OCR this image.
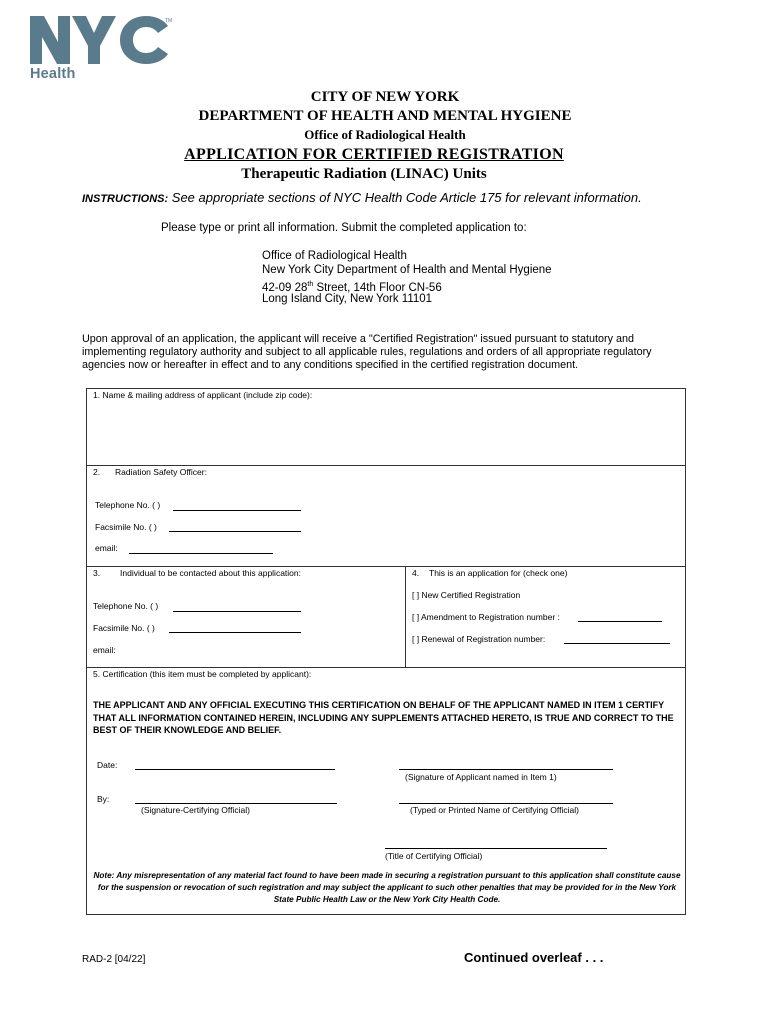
TM
Health
CITY OF NEW YORK
DEPARTMENT OF HEALTH AND MENTAL HYGIENE
Office of Radiological Health
APPLICATION FOR CERTIFIED REGISTRATION
Therapeutic Radiation (LINAC) Units
INSTRUCTIONS: See appropriate sections of NYC Health Code Article 175 for relevant information.
Please type or print all information. Submit the completed application to:
Office of Radiological Health
New York City Department of Health and Mental Hygiene
42-09 28th Street, 14th Floor CN-56
Long Island City, New York 11101
Upon approval of an application, the applicant will receive a "Certified Registration" issued pursuant to statutory and implementing regulatory authority and subject to all applicable rules, regulations and orders of all appropriate regulatory agencies now or hereafter in effect and to any conditions specified in the certified registration document.
1. Name & mailing address of applicant (include zip code):
2. Radiation Safety Officer:
Telephone No. ( )
Facsimile No. ( )
email:
3. Individual to be contacted about this application:
Telephone No. ( )
Facsimile No. ( )
email:
4. This is an application for (check one)
[ ] New Certified Registration
[ ] Amendment to Registration number :
[ ] Renewal of Registration number:
5. Certification (this item must be completed by applicant):
Date:
(Signature of Applicant named in Item 1)
By:
(Signature-Certifying Official)	(Typed or Printed Name of Certifying Official)
(Title of Certifying Official)
THE APPLICANT AND ANY OFFICIAL EXECUTING THIS CERTIFICATION ON BEHALF OF THE APPLICANT NAMED IN ITEM 1 CERTIFY THAT ALL INFORMATION CONTAINED HEREIN, INCLUDING ANY SUPPLEMENTS ATTACHED HERETO, IS TRUE AND CORRECT TO THE BEST OF THEIR KNOWLEDGE AND BELIEF.
Note: Any misrepresentation of any material fact found to have been made in securing a registration pursuant to this application shall constitute cause for the suspension or revocation of such registration and may subject the applicant to such other penalties that may be provided for in the New York State Public Health Law or the New York City Health Code.
RAD-2 [04/22]	Continued overleaf . . .
